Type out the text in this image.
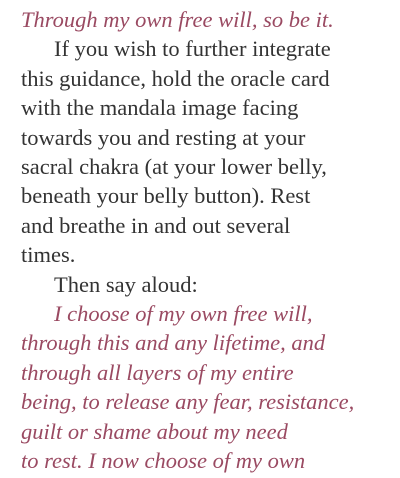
Through my own free will, so be it.

If you wish to further integrate
this guidance, hold the oracle card
with the mandala image facing
towards you and resting at your
sacral chakra (at your lower belly,
beneath your belly button). Rest
and breathe in and out several
times.

Then say aloud:

I choose of my own free will,
through this and any lifetime, and
through all layers of my entire
being, to release any fear, resistance,
guilt or shame about my need
to rest. I now choose of my own
